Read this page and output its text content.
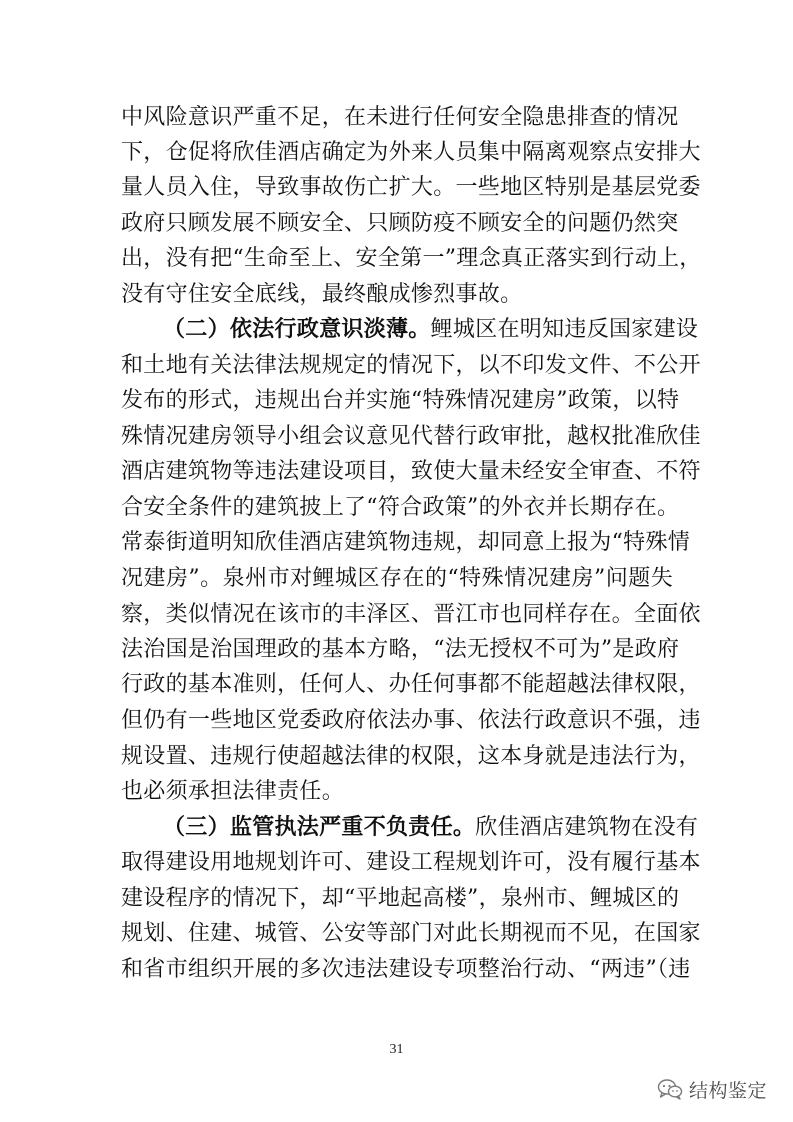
中风险意识严重不足，在未进行任何安全隐患排查的情况
下，仓促将欣佳酒店确定为外来人员集中隔离观察点安排大
量人员入住，导致事故伤亡扩大。一些地区特别是基层党委
政府只顾发展不顾安全、只顾防疫不顾安全的问题仍然突
出，没有把“生命至上、安全第一”理念真正落实到行动上，
没有守住安全底线，最终酿成惨烈事故。
（二）依法行政意识淡薄。鲤城区在明知违反国家建设
和土地有关法律法规规定的情况下，以不印发文件、不公开
发布的形式，违规出台并实施“特殊情况建房”政策，以特
殊情况建房领导小组会议意见代替行政审批，越权批准欣佳
酒店建筑物等违法建设项目，致使大量未经安全审查、不符
合安全条件的建筑披上了“符合政策”的外衣并长期存在。
常泰街道明知欣佳酒店建筑物违规，却同意上报为“特殊情
况建房”。泉州市对鲤城区存在的“特殊情况建房”问题失
察，类似情况在该市的丰泽区、晋江市也同样存在。全面依
法治国是治国理政的基本方略，“法无授权不可为”是政府
行政的基本准则，任何人、办任何事都不能超越法律权限，
但仍有一些地区党委政府依法办事、依法行政意识不强，违
规设置、违规行使超越法律的权限，这本身就是违法行为，
也必须承担法律责任。
（三）监管执法严重不负责任。欣佳酒店建筑物在没有
取得建设用地规划许可、建设工程规划许可，没有履行基本
建设程序的情况下，却“平地起高楼”，泉州市、鲤城区的
规划、住建、城管、公安等部门对此长期视而不见，在国家
和省市组织开展的多次违法建设专项整治行动、“两违”（违
31
结构鉴定
